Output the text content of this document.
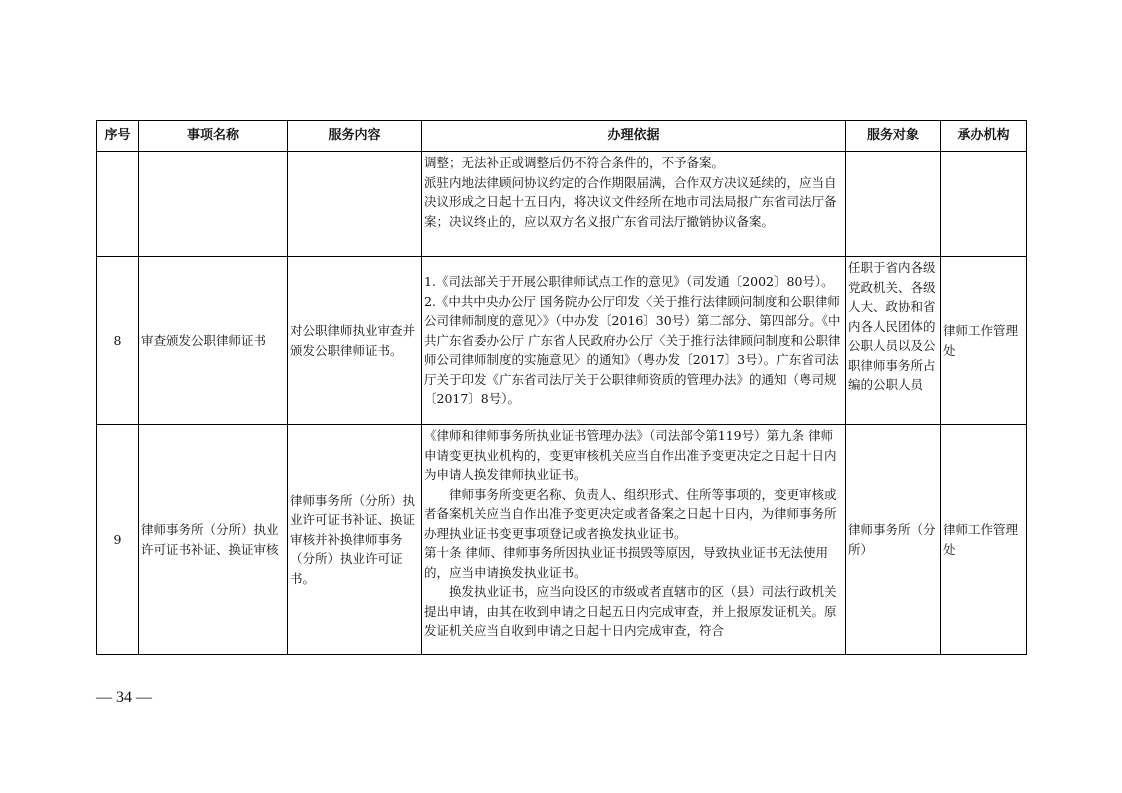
序号	事项名称	服务内容	办理依据	服务对象	承办机构

			调整；无法补正或调整后仍不符合条件的，不予备案。

派驻内地法律顾问协议约定的合作期限届满，合作双方决议延续的，应当自决议形成之日起十五日内，将决议文件经所在地市司法局报广东省司法厅备案；决议终止的，应以双方名义报广东省司法厅撤销协议备案。		

8	审查颁发公职律师证书	对公职律师执业审查并颁发公职律师证书。	1.《司法部关于开展公职律师试点工作的意见》（司发通〔2002〕80号）。2.《中共中央办公厅 国务院办公厅印发〈关于推行法律顾问制度和公职律师公司律师制度的意见〉》（中办发〔2016〕30号）第二部分、第四部分。《中共广东省委办公厅 广东省人民政府办公厅〈关于推行法律顾问制度和公职律师公司律师制度的实施意见〉的通知》（粤办发〔2017〕3号）。广东省司法厅关于印发《广东省司法厅关于公职律师资质的管理办法》的通知（粤司规〔2017〕8号）。	任职于省内各级党政机关、各级人大、政协和省内各人民团体的公职人员以及公职律师事务所占编的公职人员	律师工作管理处
9	律师事务所（分所）执业许可证书补证、换证审核	律师事务所（分所）执业许可证书补证、换证审核并补换律师事务（分所）执业许可证书。	《律师和律师事务所执业证书管理办法》（司法部令第119号）第九条 律师申请变更执业机构的，变更审核机关应当自作出准予变更决定之日起十日内为申请人换发律师执业证书。

律师事务所变更名称、负责人、组织形式、住所等事项的，变更审核或者备案机关应当自作出准予变更决定或者备案之日起十日内，为律师事务所办理执业证书变更事项登记或者换发执业证书。

第十条 律师、律师事务所因执业证书损毁等原因，导致执业证书无法使用的，应当申请换发执业证书。

换发执业证书，应当向设区的市级或者直辖市的区（县）司法行政机关提出申请，由其在收到申请之日起五日内完成审查，并上报原发证机关。原发证机关应当自收到申请之日起十日内完成审查，符合	律师事务所（分所）	律师工作管理处
— 34 —
